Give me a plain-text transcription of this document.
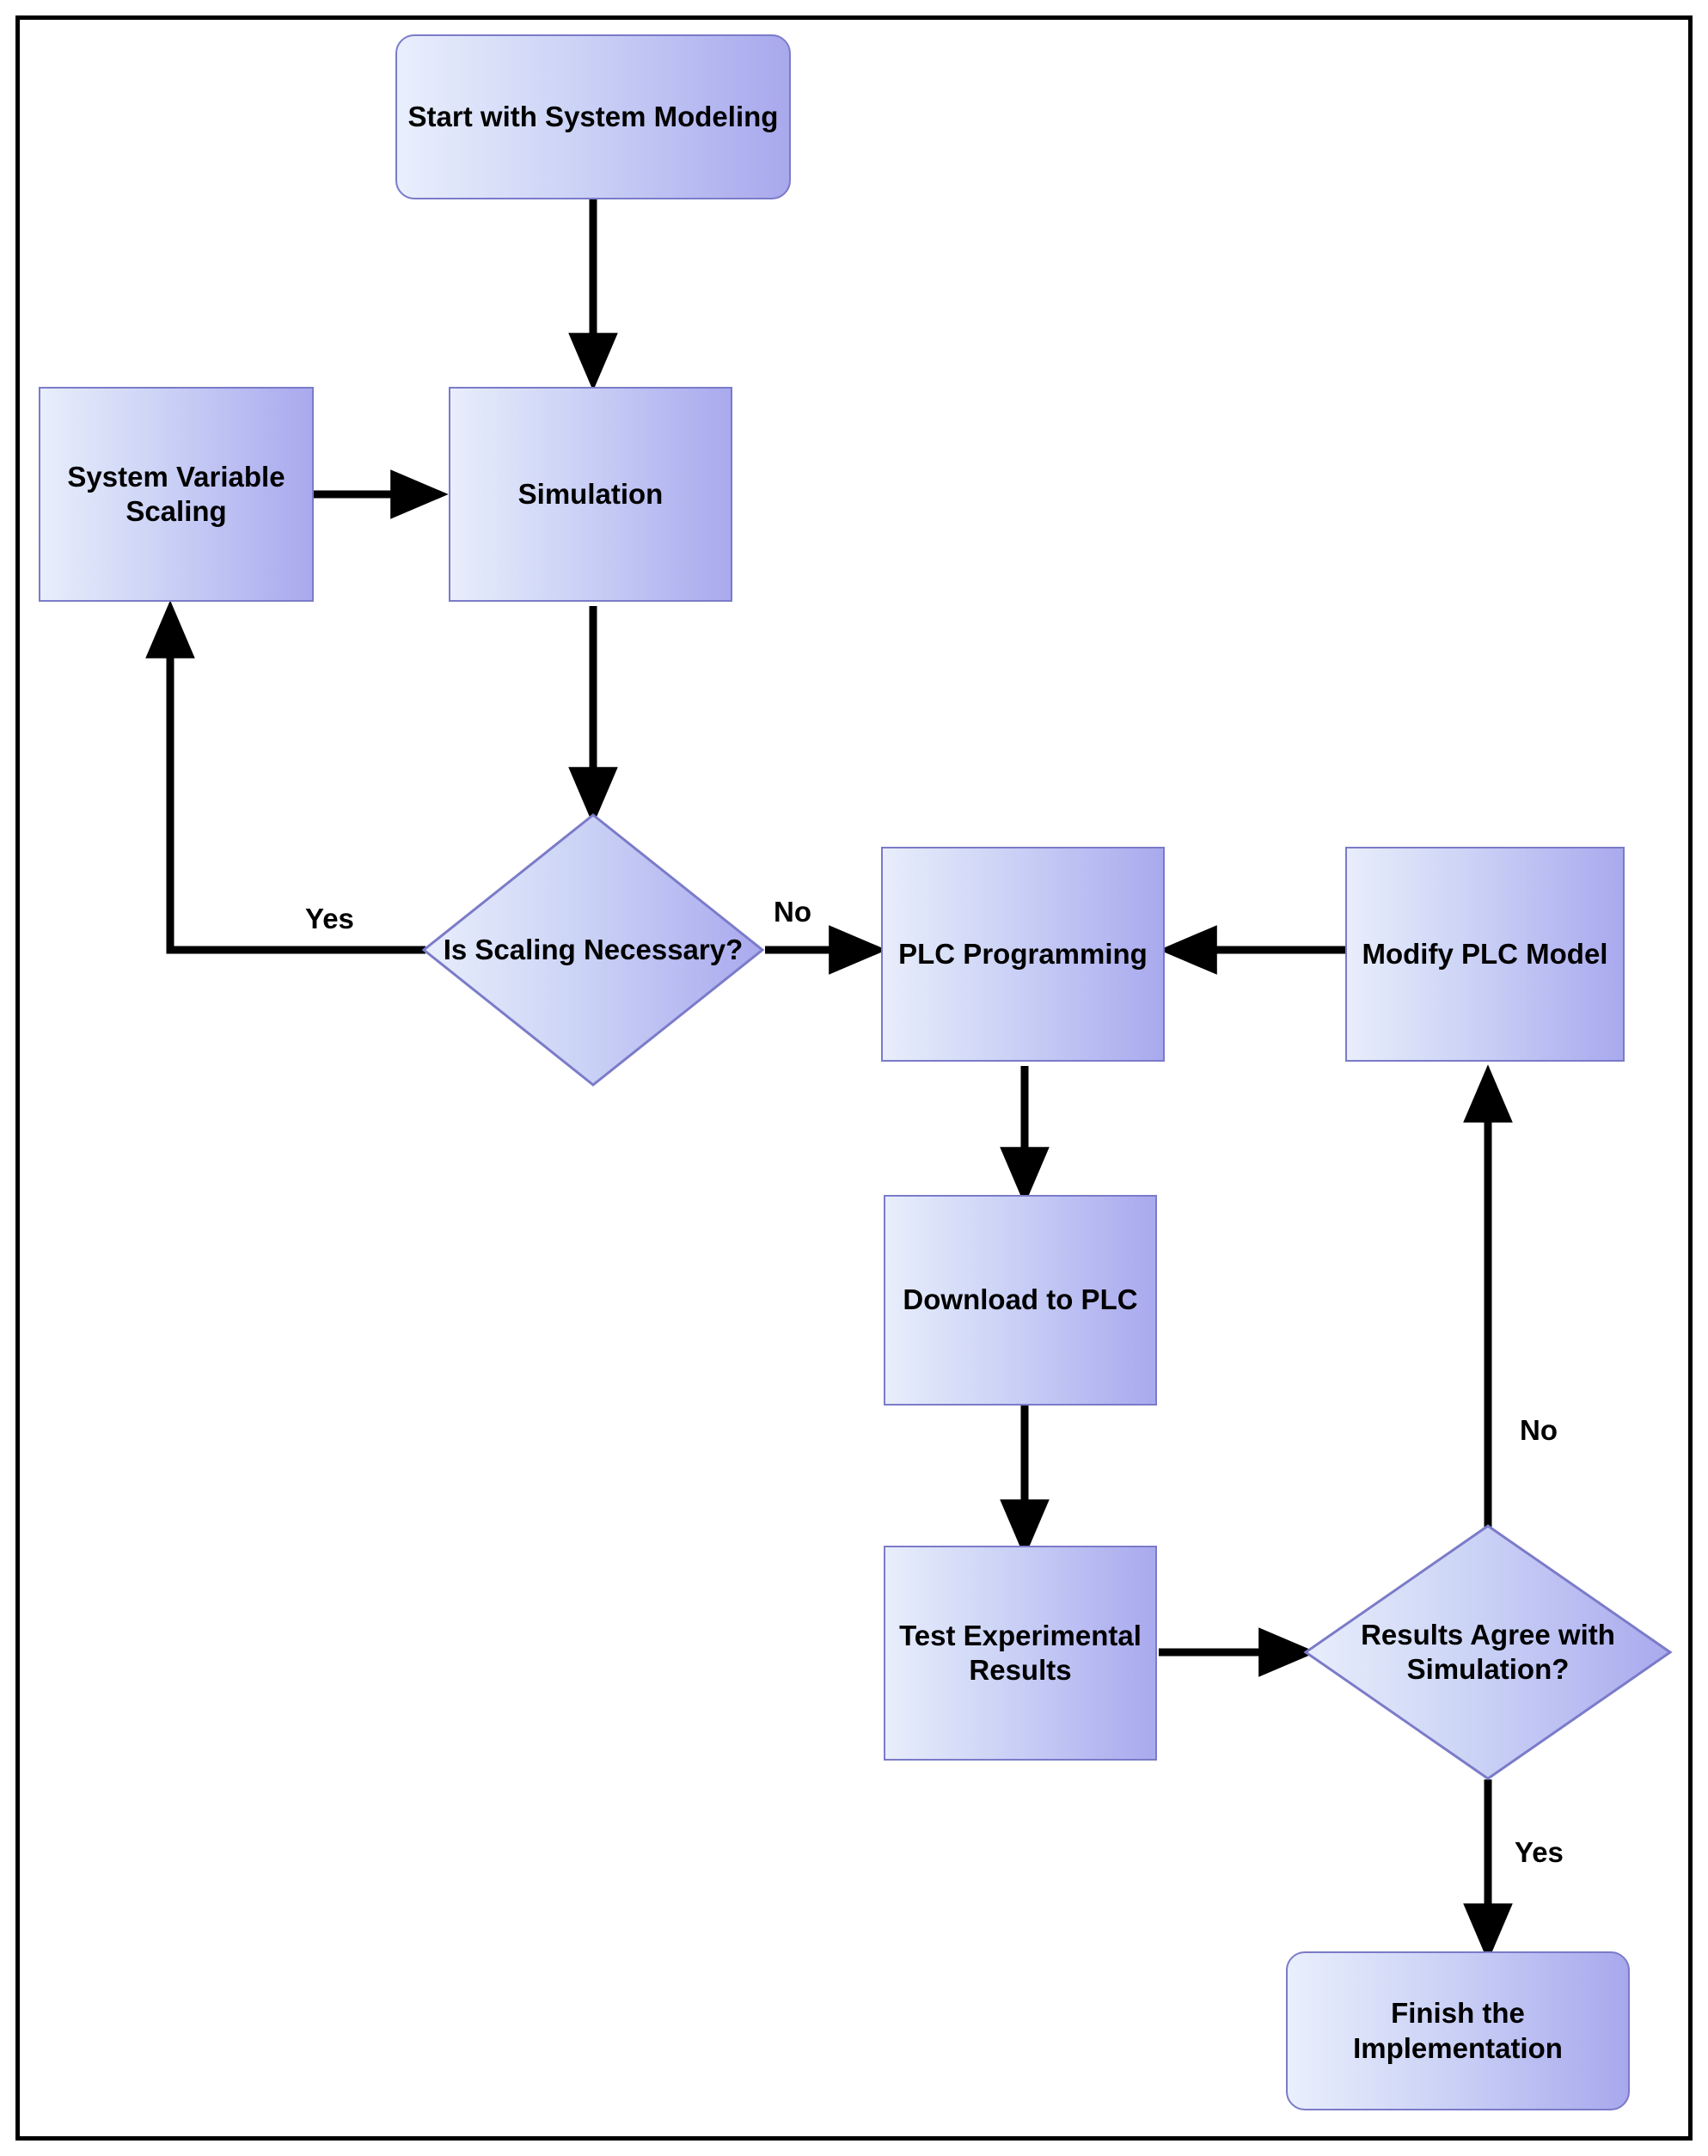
Start with System Modeling
System Variable Scaling
Simulation
Is Scaling Necessary?	PLC Programming	Modify PLC Model
Download to PLC
Test Experimental Results
Results Agree with Simulation?
Finish the Implementation
Yes	No
No
Yes
